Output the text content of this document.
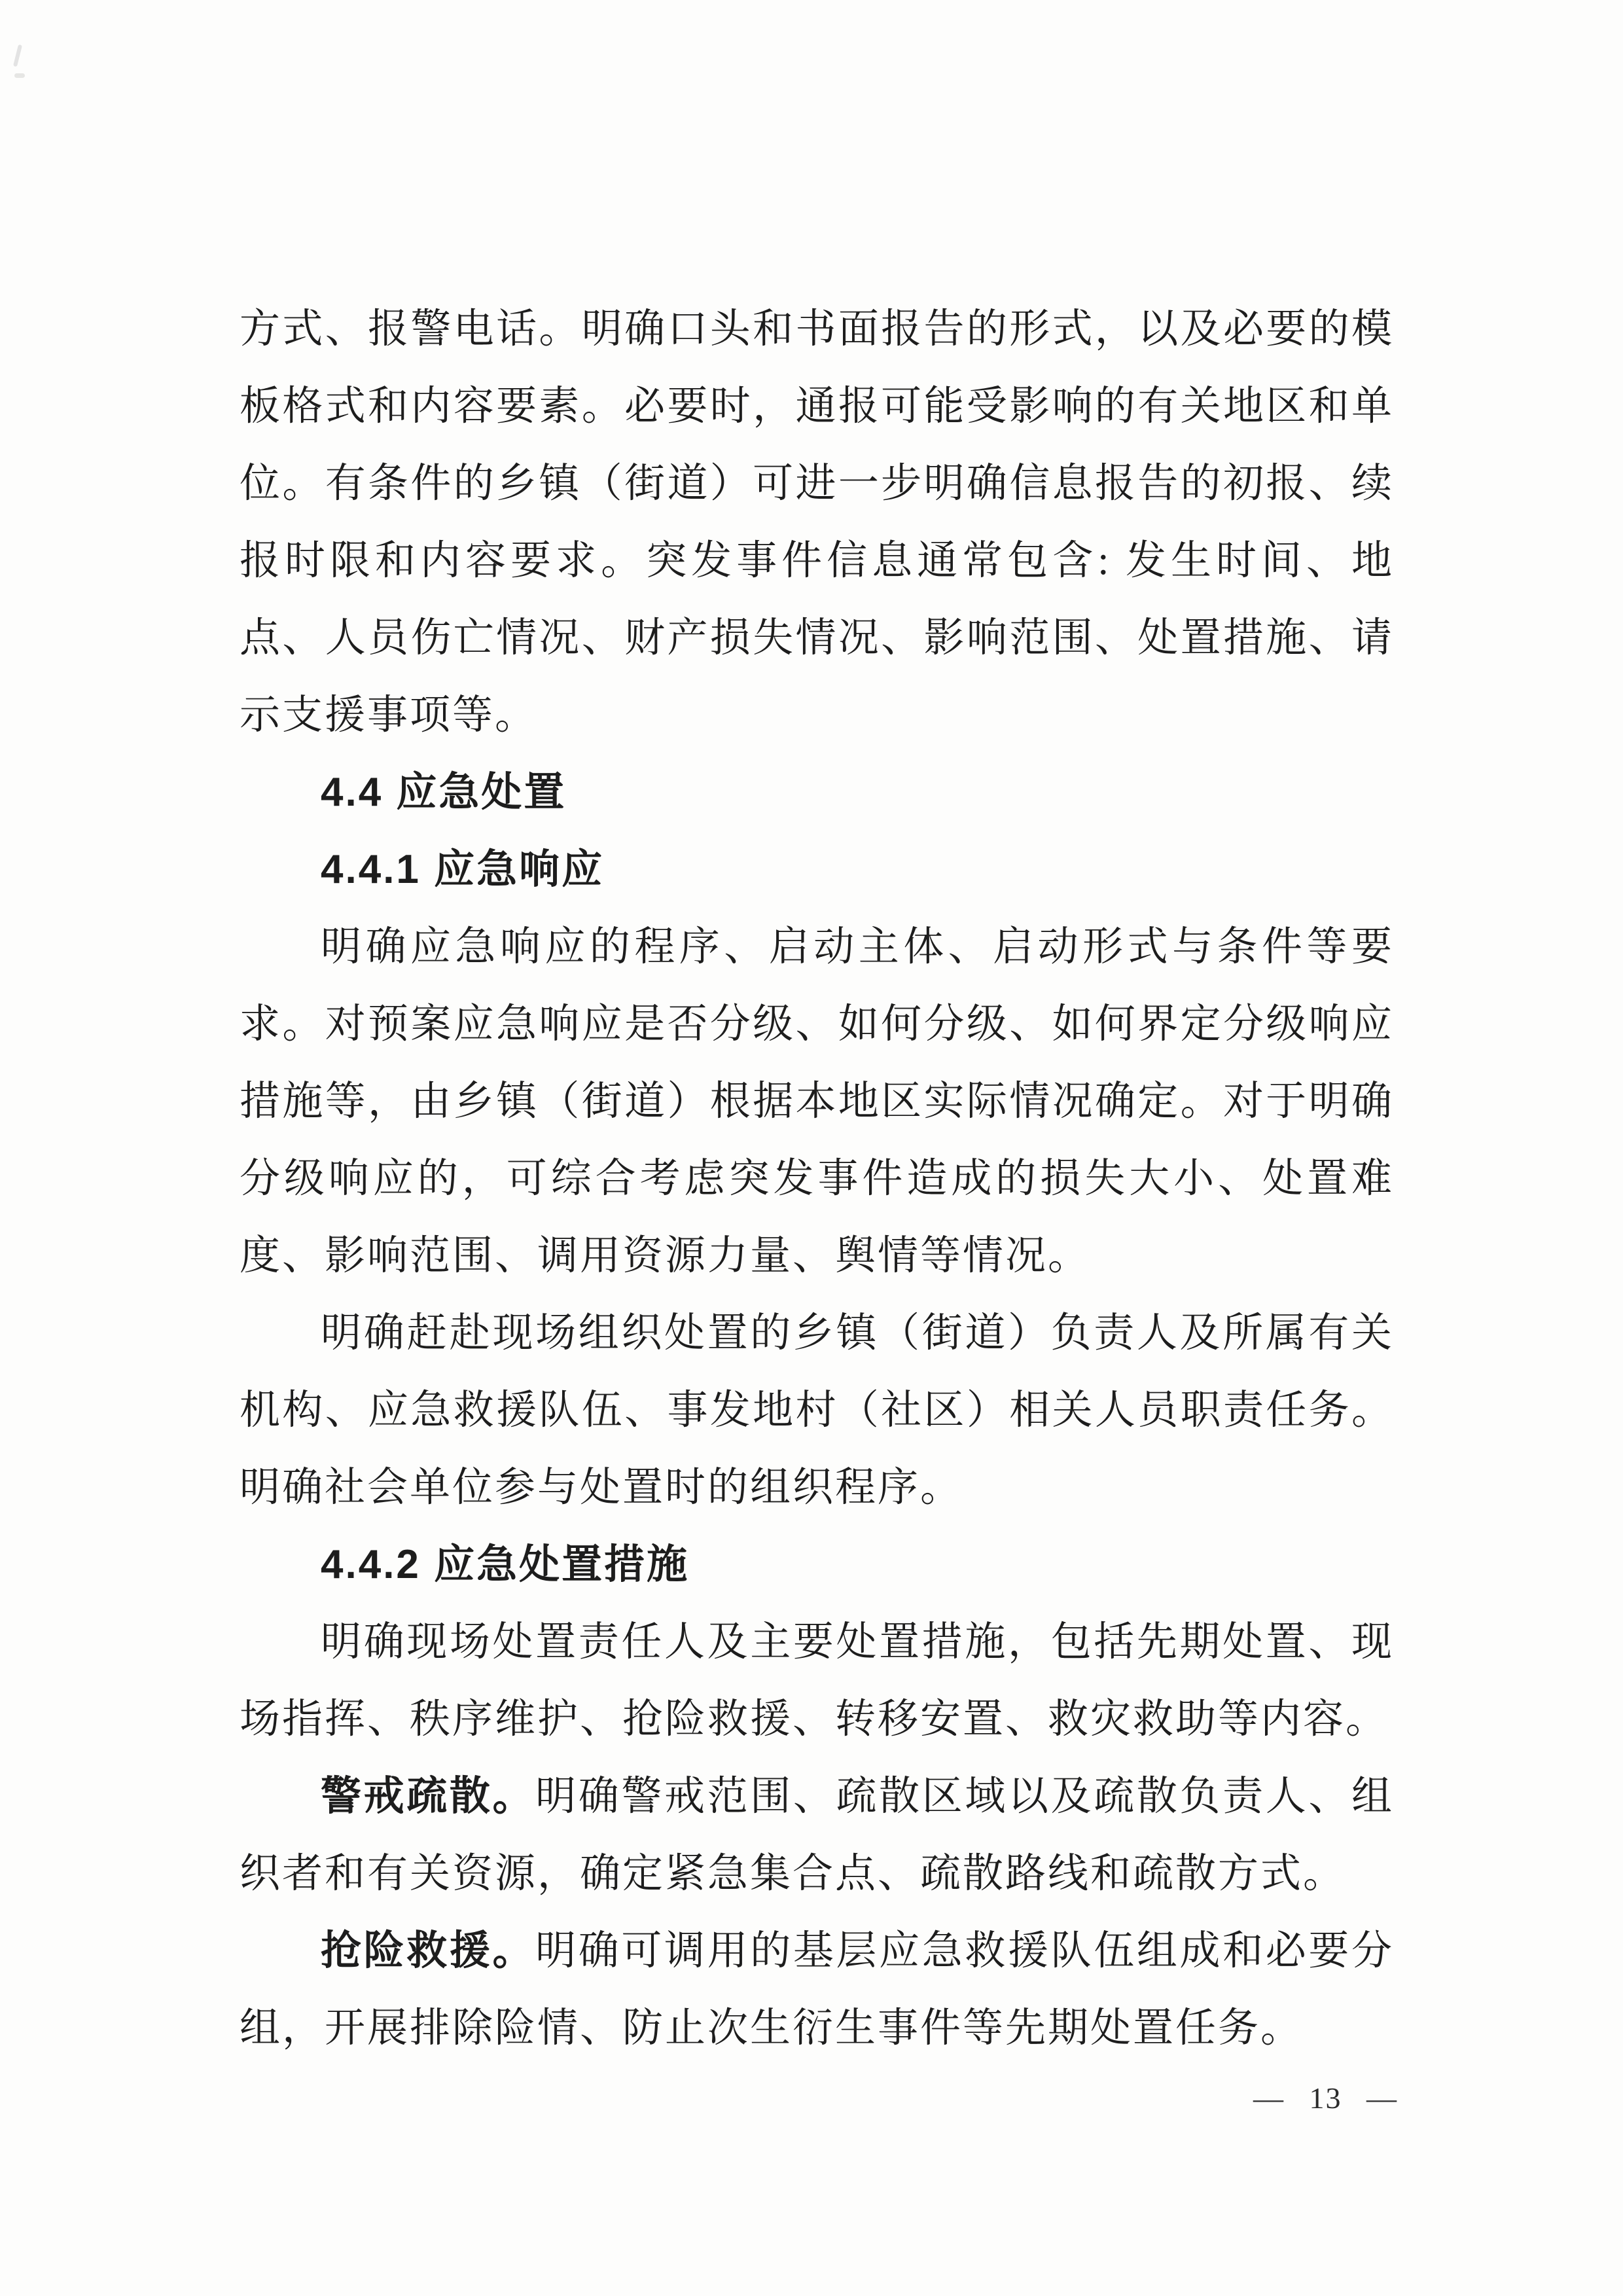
方式、报警电话。明确口头和书面报告的形式，以及必要的模板格式和内容要素。必要时，通报可能受影响的有关地区和单位。有条件的乡镇（街道）可进一步明确信息报告的初报、续报时限和内容要求。突发事件信息通常包含: 发生时间、地点、人员伤亡情况、财产损失情况、影响范围、处置措施、请示支援事项等。

4.4 应急处置

4.4.1 应急响应

明确应急响应的程序、启动主体、启动形式与条件等要求。对预案应急响应是否分级、如何分级、如何界定分级响应措施等，由乡镇（街道）根据本地区实际情况确定。对于明确分级响应的，可综合考虑突发事件造成的损失大小、处置难度、影响范围、调用资源力量、舆情等情况。

明确赶赴现场组织处置的乡镇（街道）负责人及所属有关机构、应急救援队伍、事发地村（社区）相关人员职责任务。明确社会单位参与处置时的组织程序。

4.4.2 应急处置措施

明确现场处置责任人及主要处置措施，包括先期处置、现场指挥、秩序维护、抢险救援、转移安置、救灾救助等内容。

警戒疏散。明确警戒范围、疏散区域以及疏散负责人、组织者和有关资源，确定紧急集合点、疏散路线和疏散方式。

抢险救援。明确可调用的基层应急救援队伍组成和必要分组，开展排除险情、防止次生衍生事件等先期处置任务。

— 13 —
